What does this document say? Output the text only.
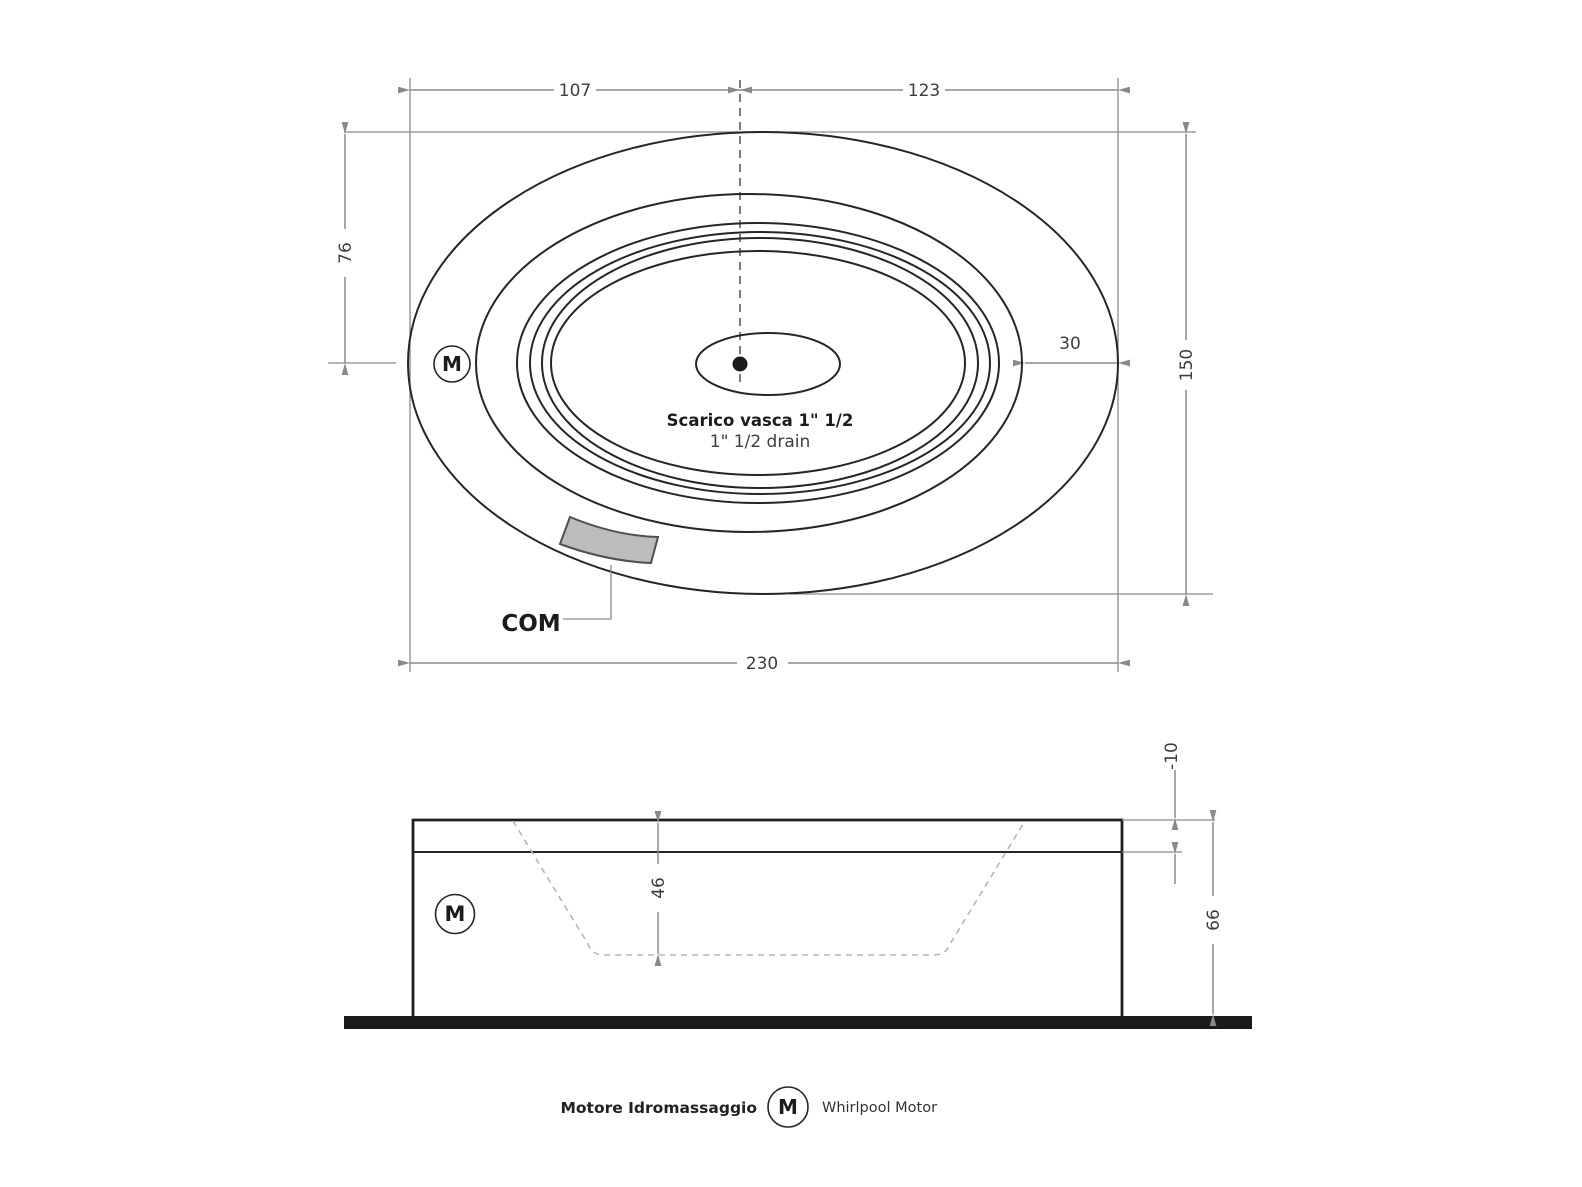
107	123
76
150
30
230
M
Scarico vasca 1" 1/2
1" 1/2 drain
COM
46
-10
66
M
Motore Idromassaggio M Whirlpool Motor
